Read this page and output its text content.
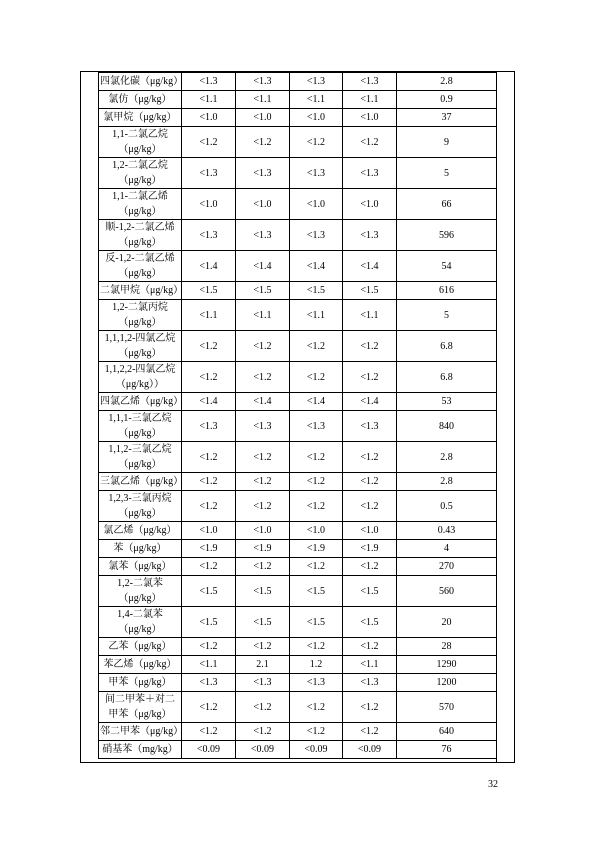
四氯化碳（μg/kg）	<1.3	<1.3	<1.3	<1.3	2.8
氯仿（μg/kg）	<1.1	<1.1	<1.1	<1.1	0.9
氯甲烷（μg/kg）	<1.0	<1.0	<1.0	<1.0	37
1,1-二氯乙烷
（μg/kg）	<1.2	<1.2	<1.2	<1.2	9
1,2-二氯乙烷
（μg/kg）	<1.3	<1.3	<1.3	<1.3	5
1,1-二氯乙烯
（μg/kg）	<1.0	<1.0	<1.0	<1.0	66
顺-1,2-二氯乙烯
（μg/kg）	<1.3	<1.3	<1.3	<1.3	596
反-1,2-二氯乙烯
（μg/kg）	<1.4	<1.4	<1.4	<1.4	54
二氯甲烷（μg/kg）	<1.5	<1.5	<1.5	<1.5	616
1,2-二氯丙烷
（μg/kg）	<1.1	<1.1	<1.1	<1.1	5
1,1,1,2-四氯乙烷
（μg/kg）	<1.2	<1.2	<1.2	<1.2	6.8
1,1,2,2-四氯乙烷
（μg/kg））	<1.2	<1.2	<1.2	<1.2	6.8
四氯乙烯（μg/kg）	<1.4	<1.4	<1.4	<1.4	53
1,1,1-三氯乙烷
（μg/kg）	<1.3	<1.3	<1.3	<1.3	840
1,1,2-三氯乙烷
（μg/kg）	<1.2	<1.2	<1.2	<1.2	2.8
三氯乙烯（μg/kg）	<1.2	<1.2	<1.2	<1.2	2.8
1,2,3-三氯丙烷
（μg/kg）	<1.2	<1.2	<1.2	<1.2	0.5
氯乙烯（μg/kg）	<1.0	<1.0	<1.0	<1.0	0.43
苯（μg/kg）	<1.9	<1.9	<1.9	<1.9	4
氯苯（μg/kg）	<1.2	<1.2	<1.2	<1.2	270
1,2-二氯苯
（μg/kg）	<1.5	<1.5	<1.5	<1.5	560
1,4-二氯苯
（μg/kg）	<1.5	<1.5	<1.5	<1.5	20
乙苯（μg/kg）	<1.2	<1.2	<1.2	<1.2	28
苯乙烯（μg/kg）	<1.1	2.1	1.2	<1.1	1290
甲苯（μg/kg）	<1.3	<1.3	<1.3	<1.3	1200
间二甲苯＋对二
甲苯（μg/kg）	<1.2	<1.2	<1.2	<1.2	570
邻二甲苯（μg/kg）	<1.2	<1.2	<1.2	<1.2	640
硝基苯（mg/kg）	<0.09	<0.09	<0.09	<0.09	76
32
